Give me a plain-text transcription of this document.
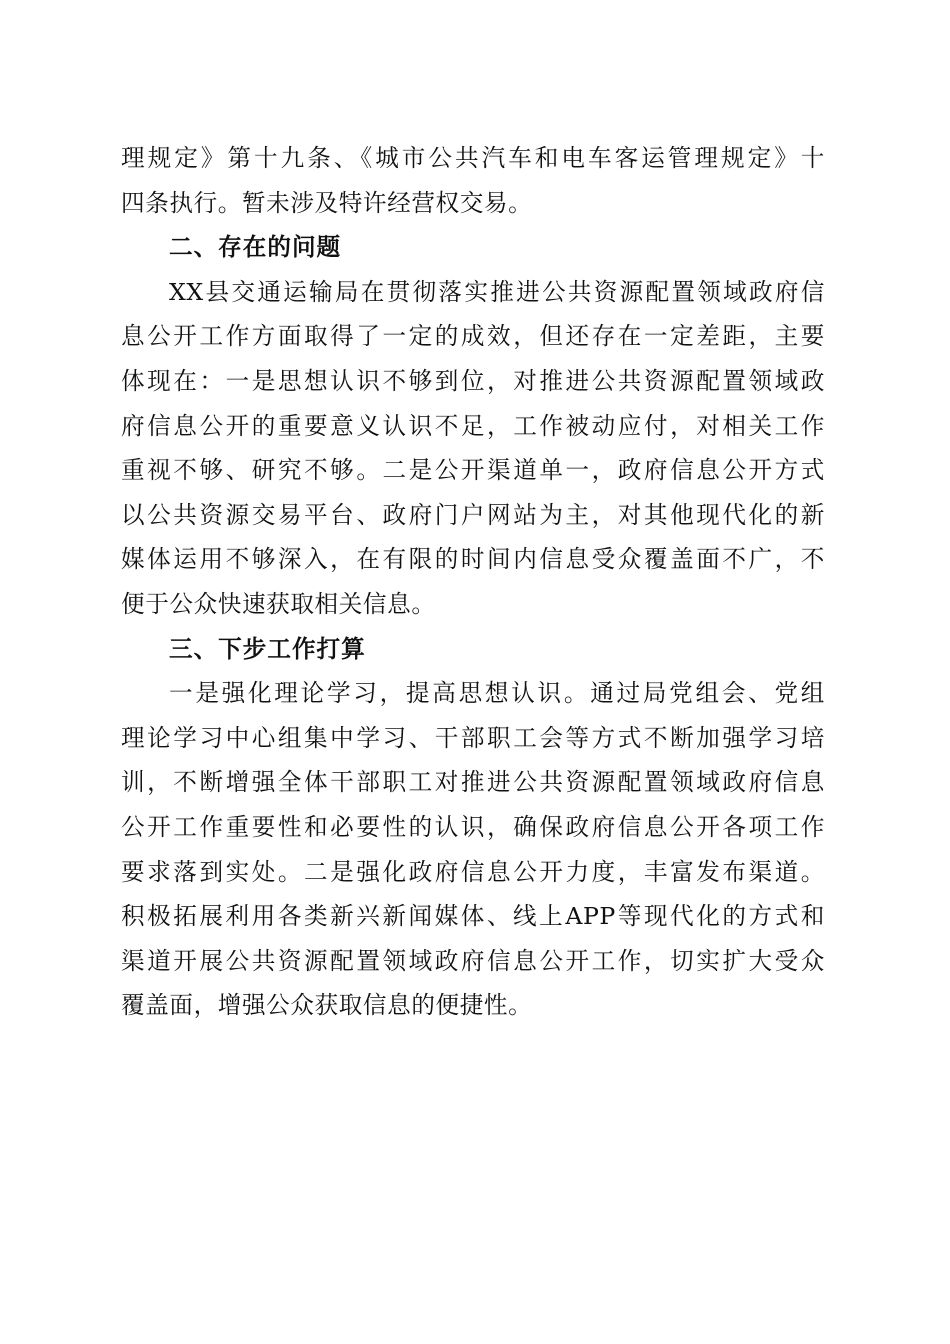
理规定》第十九条、《城市公共汽车和电车客运管理规定》十
四条执行。暂未涉及特许经营权交易。
二、存在的问题
XX县交通运输局在贯彻落实推进公共资源配置领域政府信
息公开工作方面取得了一定的成效，但还存在一定差距，主要
体现在：一是思想认识不够到位，对推进公共资源配置领域政
府信息公开的重要意义认识不足，工作被动应付，对相关工作
重视不够、研究不够。二是公开渠道单一，政府信息公开方式
以公共资源交易平台、政府门户网站为主，对其他现代化的新
媒体运用不够深入，在有限的时间内信息受众覆盖面不广，不
便于公众快速获取相关信息。
三、下步工作打算
一是强化理论学习，提高思想认识。通过局党组会、党组
理论学习中心组集中学习、干部职工会等方式不断加强学习培
训，不断增强全体干部职工对推进公共资源配置领域政府信息
公开工作重要性和必要性的认识，确保政府信息公开各项工作
要求落到实处。二是强化政府信息公开力度，丰富发布渠道。
积极拓展利用各类新兴新闻媒体、线上APP等现代化的方式和
渠道开展公共资源配置领域政府信息公开工作，切实扩大受众
覆盖面，增强公众获取信息的便捷性。
